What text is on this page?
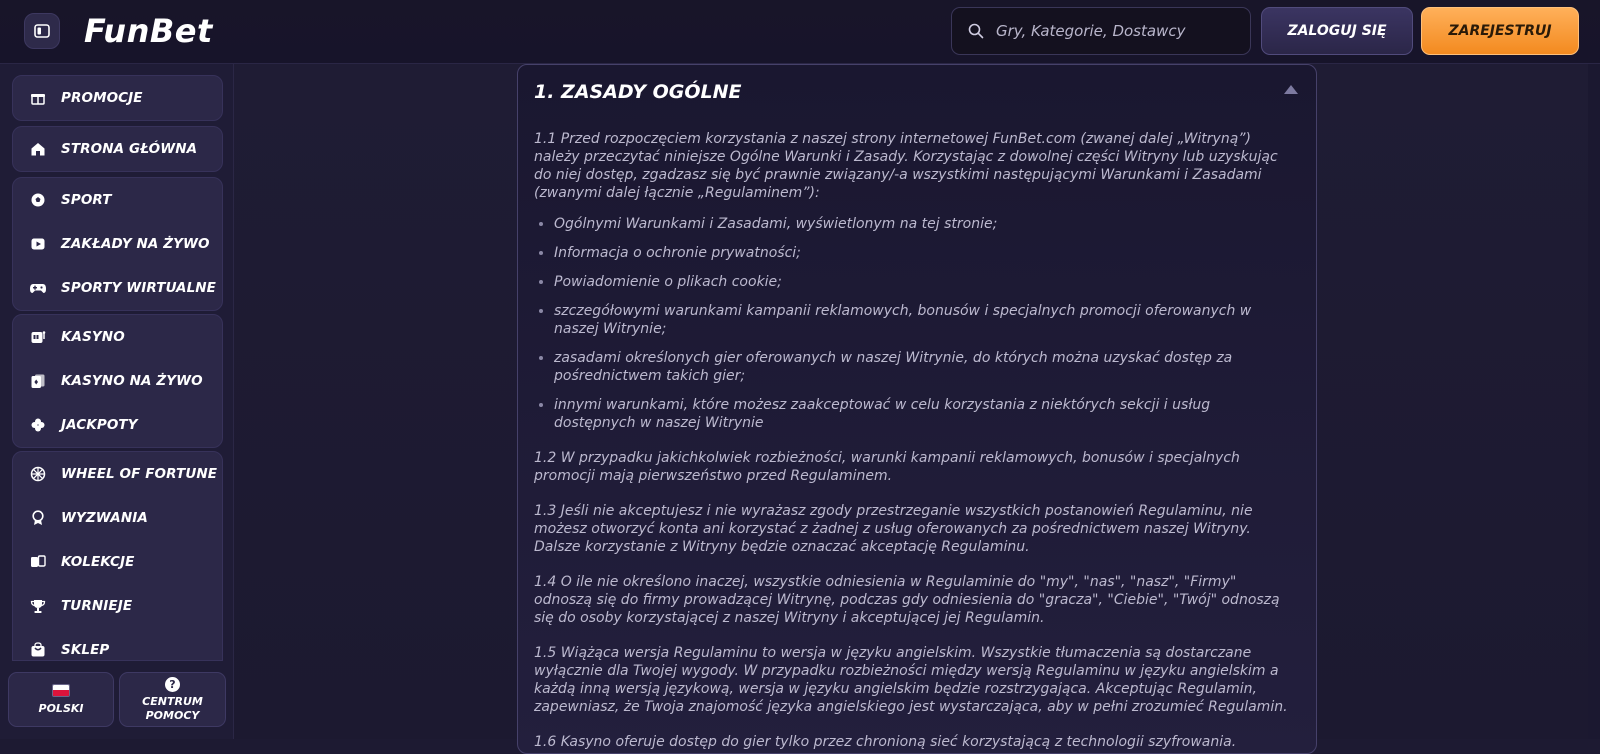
FunBet
Gry, Kategorie, Dostawcy	ZALOGUJ SIĘ	ZAREJESTRUJ
PROMOCJE
STRONA GŁÓWNA
SPORT
ZAKŁADY NA ŻYWO
SPORTY WIRTUALNE
KASYNO
KASYNO NA ŻYWO
JACKPOTY
WHEEL OF FORTUNE
WYZWANIA
KOLEKCJE
TURNIEJE
SKLEP
POLSKI
?
CENTRUM
POMOCY
1. ZASADY OGÓLNE

1.1 Przed rozpoczęciem korzystania z naszej strony internetowej FunBet.com (zwanej dalej „Witryną”) należy przeczytać niniejsze Ogólne Warunki i Zasady. Korzystając z dowolnej części Witryny lub uzyskując do niej dostęp, zgadzasz się być prawnie związany/-a wszystkimi następującymi Warunkami i Zasadami (zwanymi dalej łącznie „Regulaminem”):

• Ogólnymi Warunkami i Zasadami, wyświetlonym na tej stronie;
• Informacja o ochronie prywatności;
• Powiadomienie o plikach cookie;
• szczegółowymi warunkami kampanii reklamowych, bonusów i specjalnych promocji oferowanych w naszej Witrynie;
• zasadami określonych gier oferowanych w naszej Witrynie, do których można uzyskać dostęp za pośrednictwem takich gier;
• innymi warunkami, które możesz zaakceptować w celu korzystania z niektórych sekcji i usług dostępnych w naszej Witrynie

1.2 W przypadku jakichkolwiek rozbieżności, warunki kampanii reklamowych, bonusów i specjalnych promocji mają pierwszeństwo przed Regulaminem.

1.3 Jeśli nie akceptujesz i nie wyrażasz zgody przestrzeganie wszystkich postanowień Regulaminu, nie możesz otworzyć konta ani korzystać z żadnej z usług oferowanych za pośrednictwem naszej Witryny. Dalsze korzystanie z Witryny będzie oznaczać akceptację Regulaminu.

1.4 O ile nie określono inaczej, wszystkie odniesienia w Regulaminie do "my", "nas", "nasz", "Firmy" odnoszą się do firmy prowadzącej Witrynę, podczas gdy odniesienia do "gracza", "Ciebie", "Twój" odnoszą się do osoby korzystającej z naszej Witryny i akceptującej jej Regulamin.

1.5 Wiążąca wersja Regulaminu to wersja w języku angielskim. Wszystkie tłumaczenia są dostarczane wyłącznie dla Twojej wygody. W przypadku rozbieżności między wersją Regulaminu w języku angielskim a każdą inną wersją językową, wersja w języku angielskim będzie rozstrzygająca. Akceptując Regulamin, zapewniasz, że Twoja znajomość języka angielskiego jest wystarczająca, aby w pełni zrozumieć Regulamin.

1.6 Kasyno oferuje dostęp do gier tylko przez chronioną sieć korzystającą z technologii szyfrowania.
